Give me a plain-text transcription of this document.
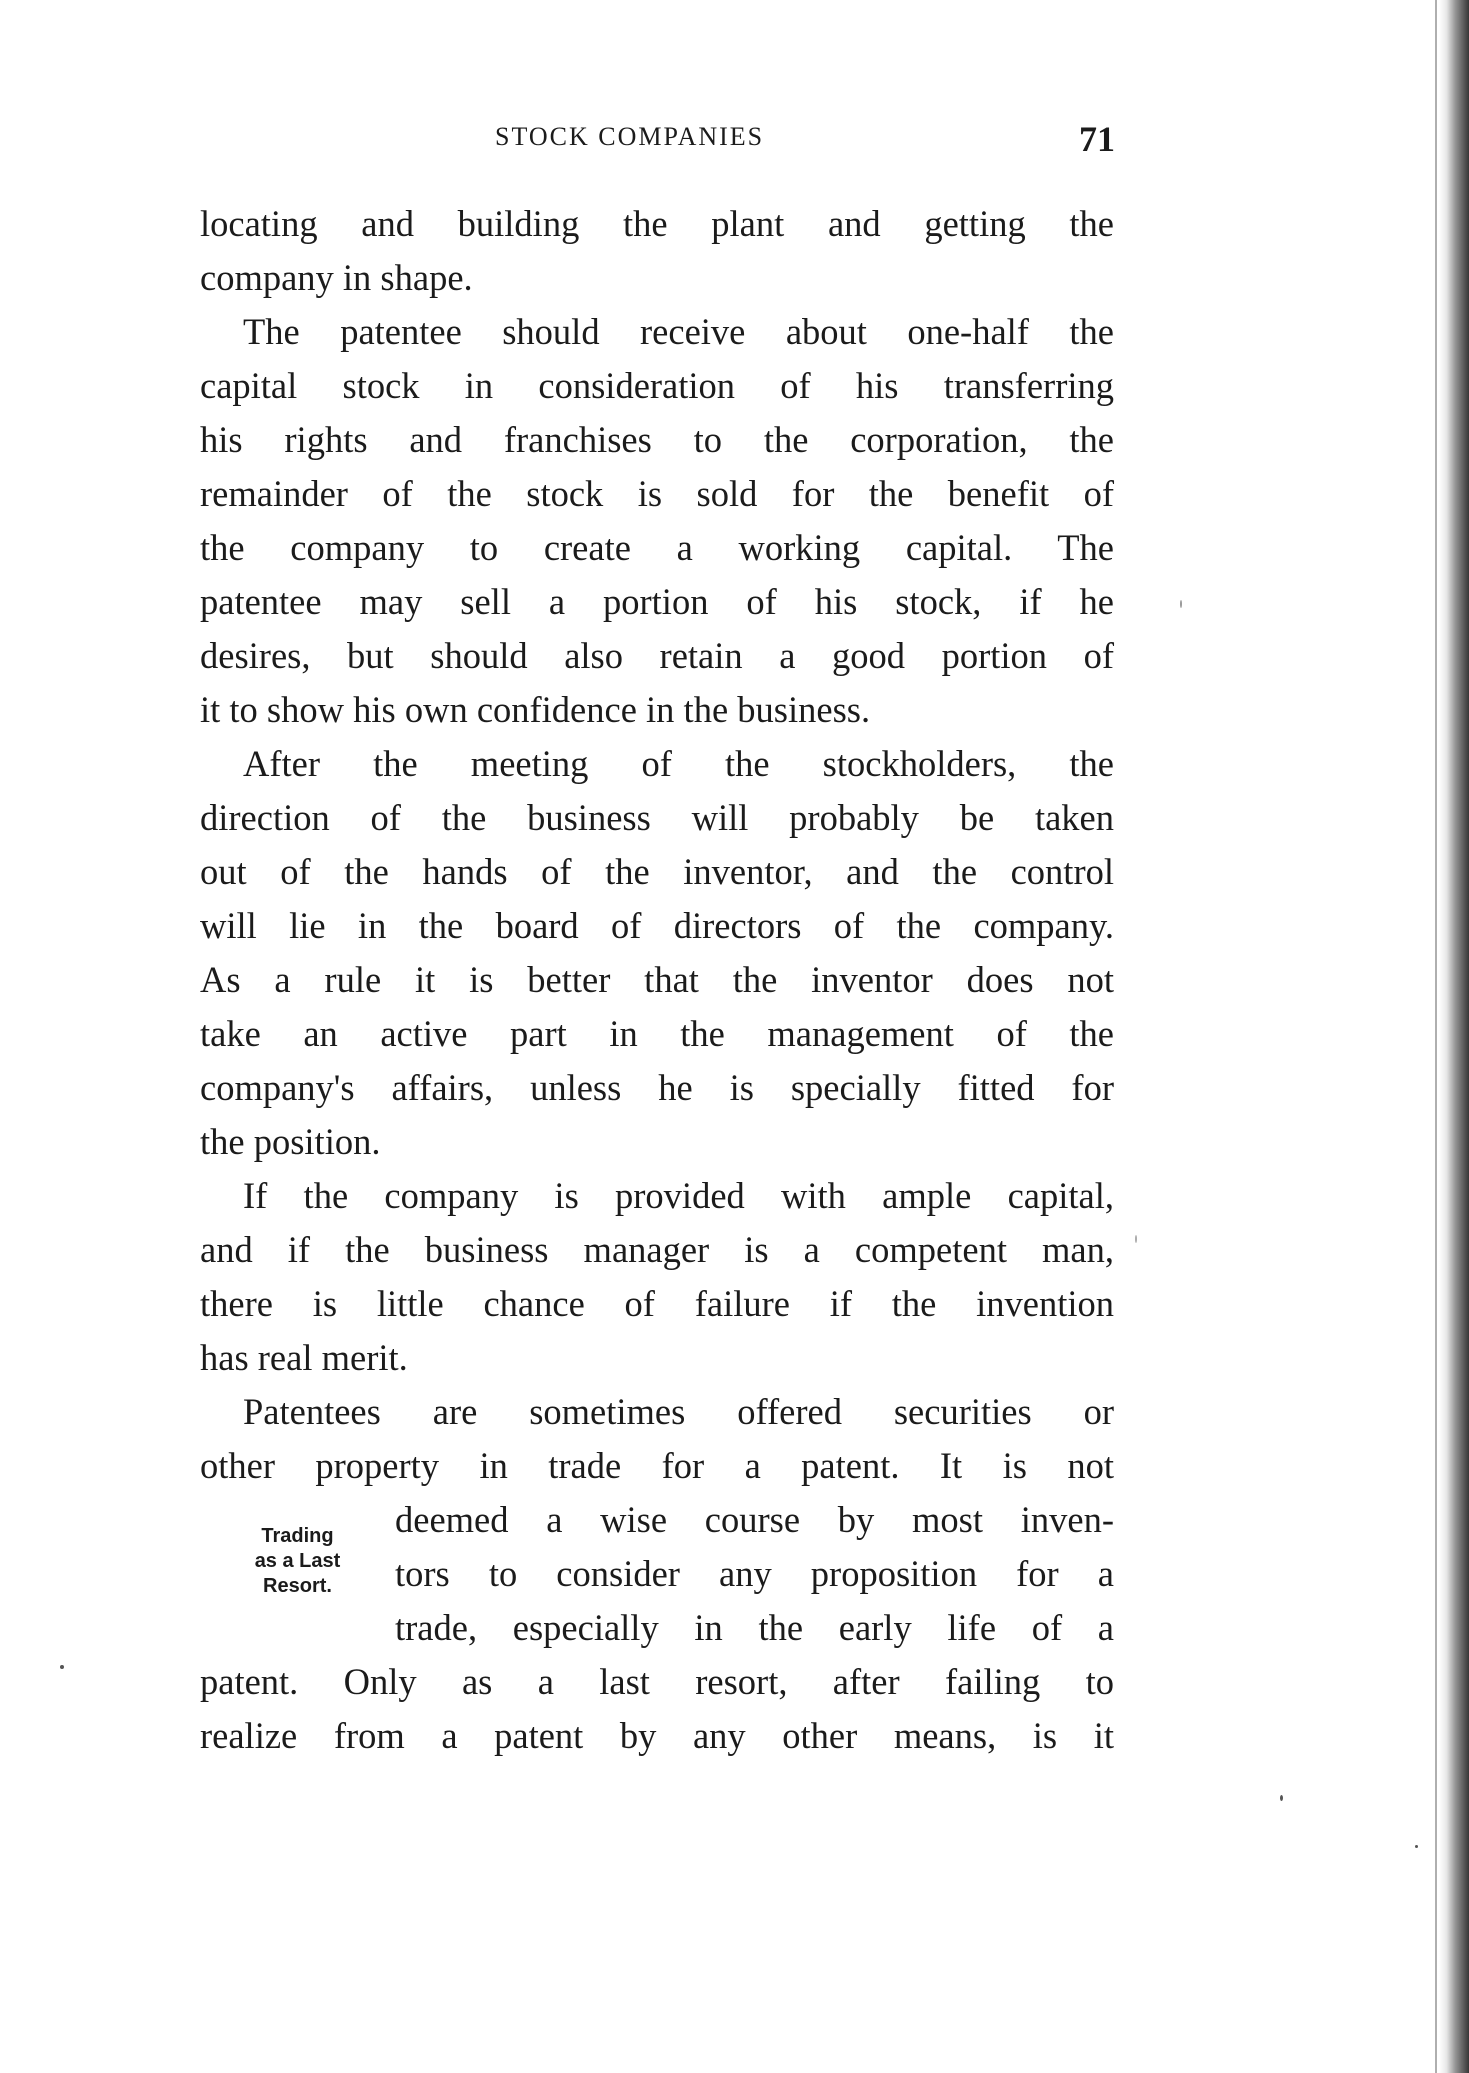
STOCK COMPANIES	71
locating and building the plant and getting the
company in shape.
The patentee should receive about one-half the
capital stock in consideration of his transferring
his rights and franchises to the corporation, the
remainder of the stock is sold for the benefit of
the company to create a working capital. The
patentee may sell a portion of his stock, if he
desires, but should also retain a good portion of
it to show his own confidence in the business.
After the meeting of the stockholders, the
direction of the business will probably be taken
out of the hands of the inventor, and the control
will lie in the board of directors of the company.
As a rule it is better that the inventor does not
take an active part in the management of the
company's affairs, unless he is specially fitted for
the position.
If the company is provided with ample capital,
and if the business manager is a competent man,
there is little chance of failure if the invention
has real merit.
Patentees are sometimes offered securities or
other property in trade for a patent. It is not
deemed a wise course by most inven-
tors to consider any proposition for a
trade, especially in the early life of a
patent. Only as a last resort, after failing to
realize from a patent by any other means, is it
Trading
as a Last
Resort.
